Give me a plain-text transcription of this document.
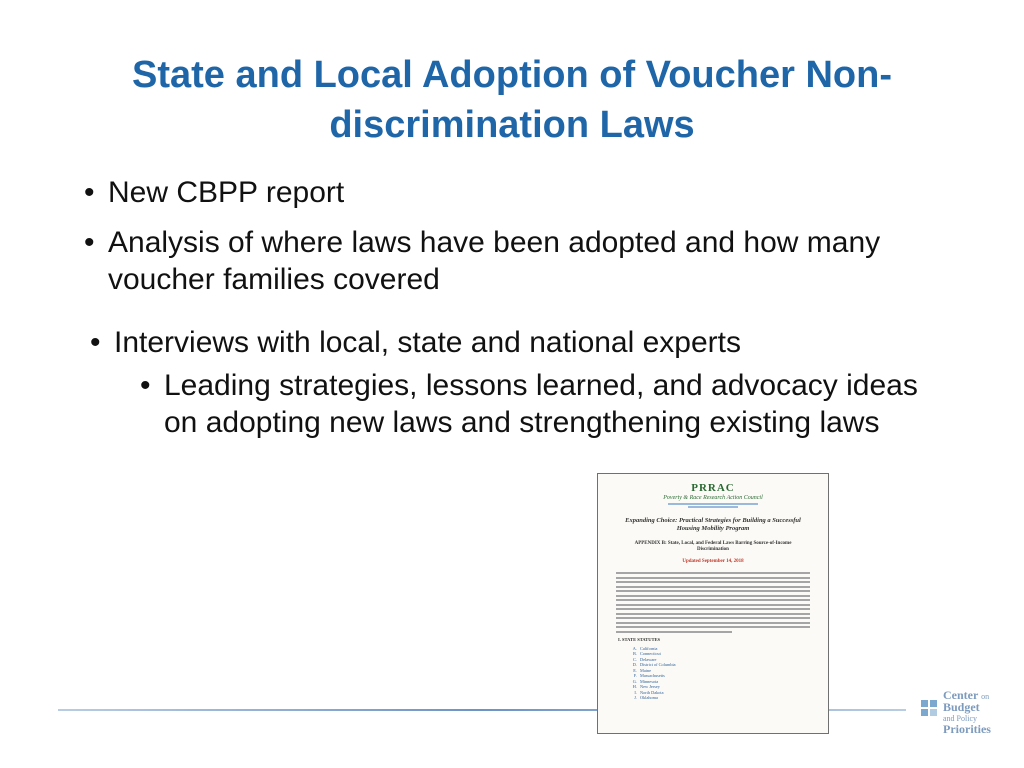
State and Local Adoption of Voucher Non-discrimination Laws
• New CBPP report
• Analysis of where laws have been adopted and how many voucher families covered
• Interviews with local, state and national experts
• Leading strategies, lessons learned, and advocacy ideas on adopting new laws and strengthening existing laws
PRRAC
Poverty & Race Research Action Council
Expanding Choice: Practical Strategies for Building a Successful Housing Mobility Program
APPENDIX B: State, Local, and Federal Laws Barring Source-of-Income Discrimination
Updated September 14, 2018
I. STATE STATUTES
A. California
B. Connecticut
C. Delaware
D. District of Columbia
E. Maine
F. Massachusetts
G. Minnesota
H. New Jersey
I. North Dakota
J. Oklahoma	Center on
Budget
and Policy
Priorities
